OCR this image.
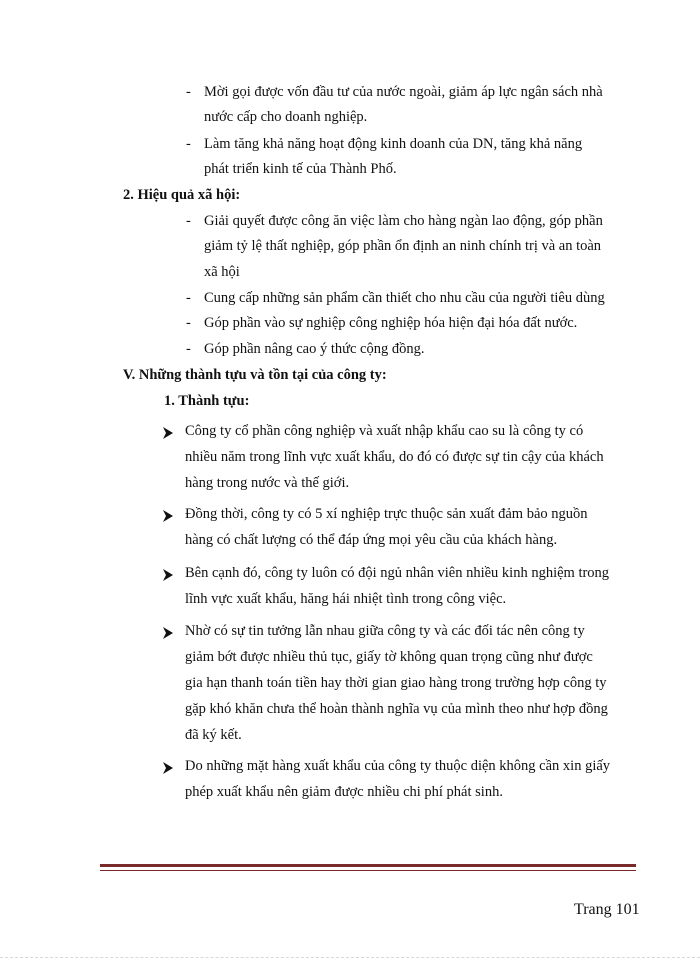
- Mời gọi được vốn đầu tư của nước ngoài, giảm áp lực ngân sách nhà
nước cấp cho doanh nghiệp.
- Làm tăng khả năng hoạt động kinh doanh của DN, tăng khả năng
phát triển kinh tế của Thành Phố.
2. Hiệu quả xã hội:
- Giải quyết được công ăn việc làm cho hàng ngàn lao động, góp phần
giảm tỷ lệ thất nghiệp, góp phần ổn định an ninh chính trị và an toàn
xã hội
- Cung cấp những sản phẩm cần thiết cho nhu cầu của người tiêu dùng
- Góp phần vào sự nghiệp công nghiệp hóa hiện đại hóa đất nước.
- Góp phần nâng cao ý thức cộng đồng.
V. Những thành tựu và tồn tại của công ty:
1. Thành tựu:
Công ty cổ phần công nghiệp và xuất nhập khẩu cao su là công ty có
nhiều năm trong lĩnh vực xuất khẩu, do đó có được sự tin cậy của khách
hàng trong nước và thế giới.
Đồng thời, công ty có 5 xí nghiệp trực thuộc sản xuất đảm bảo nguồn
hàng có chất lượng có thể đáp ứng mọi yêu cầu của khách hàng.
Bên cạnh đó, công ty luôn có đội ngủ nhân viên nhiều kinh nghiệm trong
lĩnh vực xuất khẩu, hăng hái nhiệt tình trong công việc.
Nhờ có sự tin tưởng lẫn nhau giữa công ty và các đối tác nên công ty
giảm bớt được nhiều thủ tục, giấy tờ không quan trọng cũng như được
gia hạn thanh toán tiền hay thời gian giao hàng trong trường hợp công ty
gặp khó khăn chưa thể hoàn thành nghĩa vụ của mình theo như hợp đồng
đã ký kết.
Do những mặt hàng xuất khẩu của công ty thuộc diện không cần xin giấy
phép xuất khẩu nên giảm được nhiều chi phí phát sinh.
Trang 101
